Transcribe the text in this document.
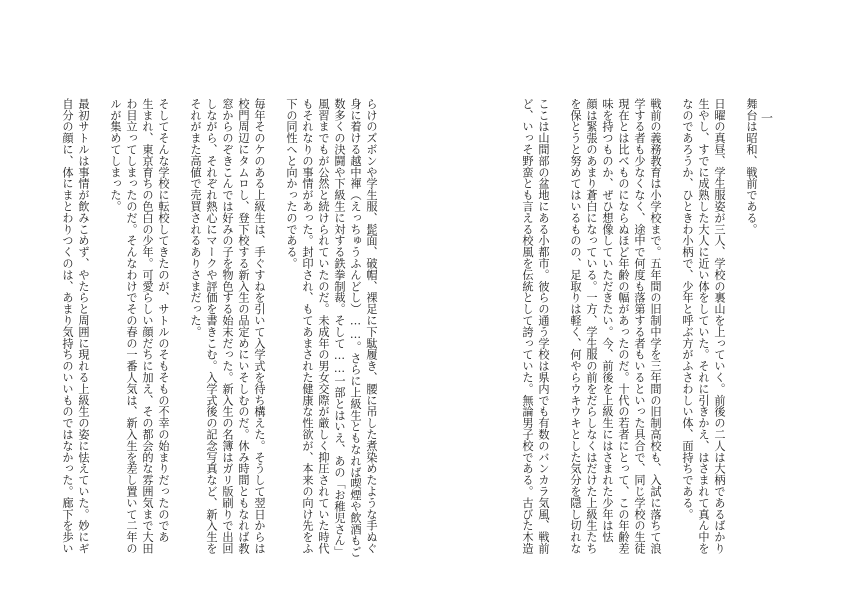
一
舞台は昭和、戦前である。
日曜の真昼、学生服姿が三人、学校の裏山を上っていく。前後の二人は大柄であるばかり
生やし、すでに成熟した大人に近い体をしていた。それに引きかえ、はさまれて真ん中を
なのであろうか、ひときわ小柄で、少年と呼ぶ方がふさわしい体、面持ちである。
戦前の義務教育は小学校まで。五年間の旧制中学を三年間の旧制高校も、入試に落ちて浪
学する者も少なくなく、途中で何度も落第する者もいるといった具合で、同じ学校の生徒
現在とは比べものにならぬほど年齢の幅があったのだ。十代の若者にとって、この年齢差
味を持つものか、ぜひ想像していただきたい。今、前後を上級生にはさまれた少年は怯
顔は緊張のあまり蒼白になっている。一方、学生服の前をだらしなくはだけた上級生たち
を保とうと努めてはいるものの、足取りは軽く、何やらウキウキとした気分を隠し切れな
ここは山間部の盆地にある小都市。彼らの通う学校は県内でも有数のバンカラ気風、戦前
ど、いっそ野蛮とも言える校風を伝統として誇っていた。無論男子校である。古びた木造
らけのズボンや学生服、髭面、破帽、裸足に下駄履き、腰に吊した煮染めたような手ぬぐ
身に着ける越中褌（えっちゅうふんどし）……。さらに上級生ともなれば喫煙や飲酒もご
数多くの決闘や下級生に対する鉄拳制裁。そして……一部とはいえ、あの「お稚児さん」
風習までもが公然と続けられていたのだ。未成年の男女交際が厳しく抑圧されていた時代
もそれなりの事情があった。封印され、もてあまされた健康な性欲が、本来の向け先をふ
下の同性へと向かったのである。
毎年そのケのある上級生は、手ぐすねを引いて入学式を待ち構えた。そうして翌日からは
校門周辺にタムロし、登下校する新入生の品定めにいそしむのだ。休み時間ともなれば教
窓からのぞきこんでは好みの子を物色する始末だった。新入生の名簿はガリ版刷りで出回
しながら、それぞれ熱心にマークや評価を書きこむ。入学式後の記念写真など、新入生を
それがまた高値で売買されるありさまだった。
そしてそんな学校に転校してきたのが、サトルのそもそもの不幸の始まりだったのであ
生まれ、東京育ちの色白の少年。可愛らしい顔だちに加え、その都会的な雰囲気まで大田
わ目立ってしまったのだ。そんなわけでその春の一番人気は、新入生を差し置いて二年の
ルが集めてしまった。
最初サトルは事情が飲みこめず、やたらと周囲に現れる上級生の姿に怯えていた。妙にギ
自分の顔に、体にまとわりつくのは、あまり気持ちのいいものではなかった。廊下を歩い
